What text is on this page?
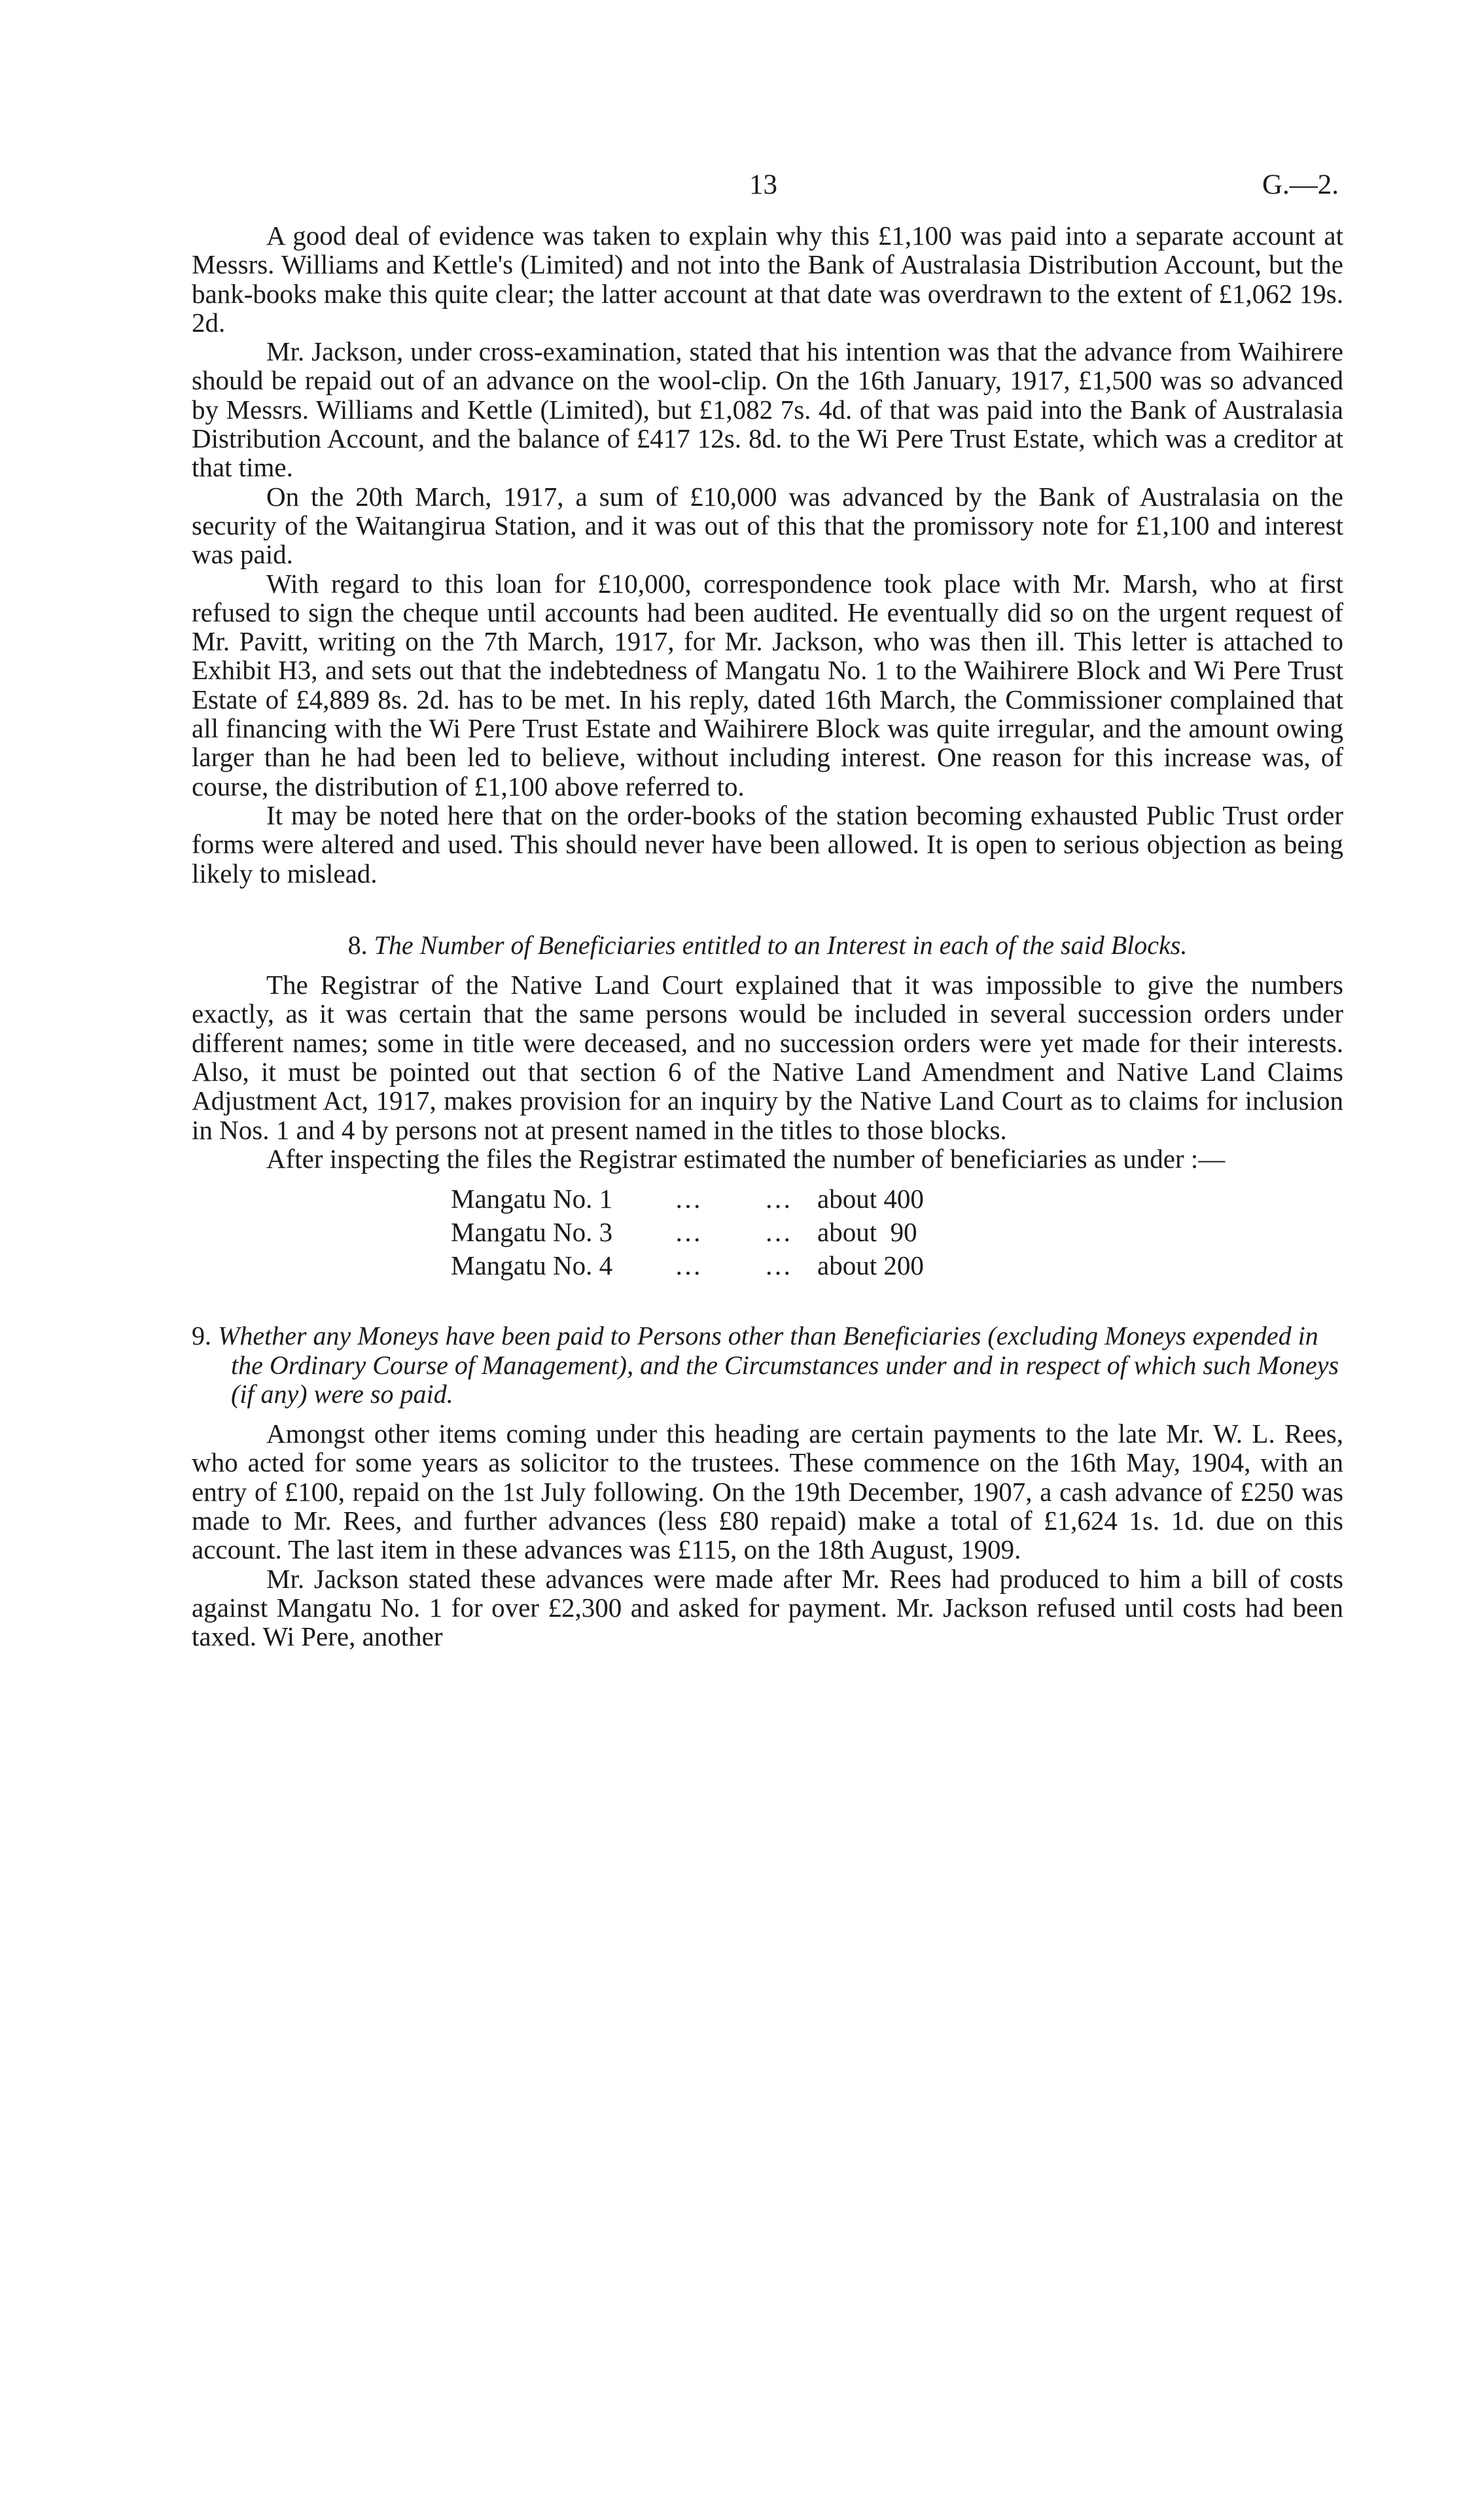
13	G.—2.

A good deal of evidence was taken to explain why this £1,100 was paid into a separate account at Messrs. Williams and Kettle's (Limited) and not into the Bank of Australasia Distribution Account, but the bank-books make this quite clear; the latter account at that date was overdrawn to the extent of £1,062 19s. 2d.

Mr. Jackson, under cross-examination, stated that his intention was that the advance from Waihirere should be repaid out of an advance on the wool-clip. On the 16th January, 1917, £1,500 was so advanced by Messrs. Williams and Kettle (Limited), but £1,082 7s. 4d. of that was paid into the Bank of Australasia Distribution Account, and the balance of £417 12s. 8d. to the Wi Pere Trust Estate, which was a creditor at that time.

On the 20th March, 1917, a sum of £10,000 was advanced by the Bank of Australasia on the security of the Waitangirua Station, and it was out of this that the promissory note for £1,100 and interest was paid.

With regard to this loan for £10,000, correspondence took place with Mr. Marsh, who at first refused to sign the cheque until accounts had been audited. He eventually did so on the urgent request of Mr. Pavitt, writing on the 7th March, 1917, for Mr. Jackson, who was then ill. This letter is attached to Exhibit H3, and sets out that the indebtedness of Mangatu No. 1 to the Waihirere Block and Wi Pere Trust Estate of £4,889 8s. 2d. has to be met. In his reply, dated 16th March, the Commissioner complained that all financing with the Wi Pere Trust Estate and Waihirere Block was quite irregular, and the amount owing larger than he had been led to believe, without including interest. One reason for this increase was, of course, the distribution of £1,100 above referred to.

It may be noted here that on the order-books of the station becoming exhausted Public Trust order forms were altered and used. This should never have been allowed. It is open to serious objection as being likely to mislead.

8. The Number of Beneficiaries entitled to an Interest in each of the said Blocks.

The Registrar of the Native Land Court explained that it was impossible to give the numbers exactly, as it was certain that the same persons would be included in several succession orders under different names; some in title were deceased, and no succession orders were yet made for their interests. Also, it must be pointed out that section 6 of the Native Land Amendment and Native Land Claims Adjustment Act, 1917, makes provision for an inquiry by the Native Land Court as to claims for inclusion in Nos. 1 and 4 by persons not at present named in the titles to those blocks.

After inspecting the files the Registrar estimated the number of beneficiaries as under :—

Mangatu No. 1	…	… about 400
Mangatu No. 3	…	… about  90
Mangatu No. 4	…	… about 200

9. Whether any Moneys have been paid to Persons other than Beneficiaries (excluding Moneys expended in the Ordinary Course of Management), and the Circumstances under and in respect of which such Moneys (if any) were so paid.

Amongst other items coming under this heading are certain payments to the late Mr. W. L. Rees, who acted for some years as solicitor to the trustees. These commence on the 16th May, 1904, with an entry of £100, repaid on the 1st July following. On the 19th December, 1907, a cash advance of £250 was made to Mr. Rees, and further advances (less £80 repaid) make a total of £1,624 1s. 1d. due on this account. The last item in these advances was £115, on the 18th August, 1909.

Mr. Jackson stated these advances were made after Mr. Rees had produced to him a bill of costs against Mangatu No. 1 for over £2,300 and asked for payment. Mr. Jackson refused until costs had been taxed. Wi Pere, another
